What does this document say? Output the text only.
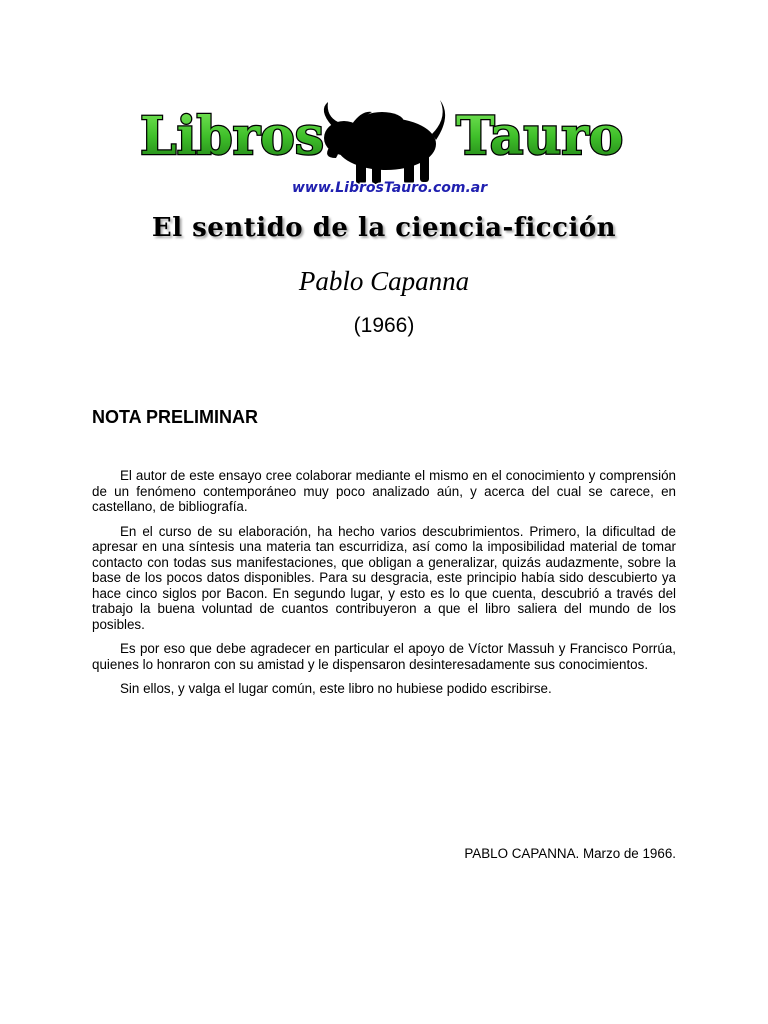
Libros	Tauro
www.LibrosTauro.com.ar
El sentido de la ciencia-ficción
Pablo Capanna
(1966)
NOTA PRELIMINAR

El autor de este ensayo cree colaborar mediante el mismo en el conocimiento y comprensión de un fenómeno contemporáneo muy poco analizado aún, y acerca del cual se carece, en castellano, de bibliografía.

En el curso de su elaboración, ha hecho varios descubrimientos. Primero, la dificultad de apresar en una síntesis una materia tan escurridiza, así como la imposibilidad material de tomar contacto con todas sus manifestaciones, que obligan a generalizar, quizás audazmente, sobre la base de los pocos datos disponibles. Para su desgracia, este principio había sido descubierto ya hace cinco siglos por Bacon. En segundo lugar, y esto es lo que cuenta, descubrió a través del trabajo la buena voluntad de cuantos contribuyeron a que el libro saliera del mundo de los posibles.

Es por eso que debe agradecer en particular el apoyo de Víctor Massuh y Francisco Porrúa, quienes lo honraron con su amistad y le dispensaron desinteresadamente sus conocimientos.

Sin ellos, y valga el lugar común, este libro no hubiese podido escribirse.

PABLO CAPANNA. Marzo de 1966.
